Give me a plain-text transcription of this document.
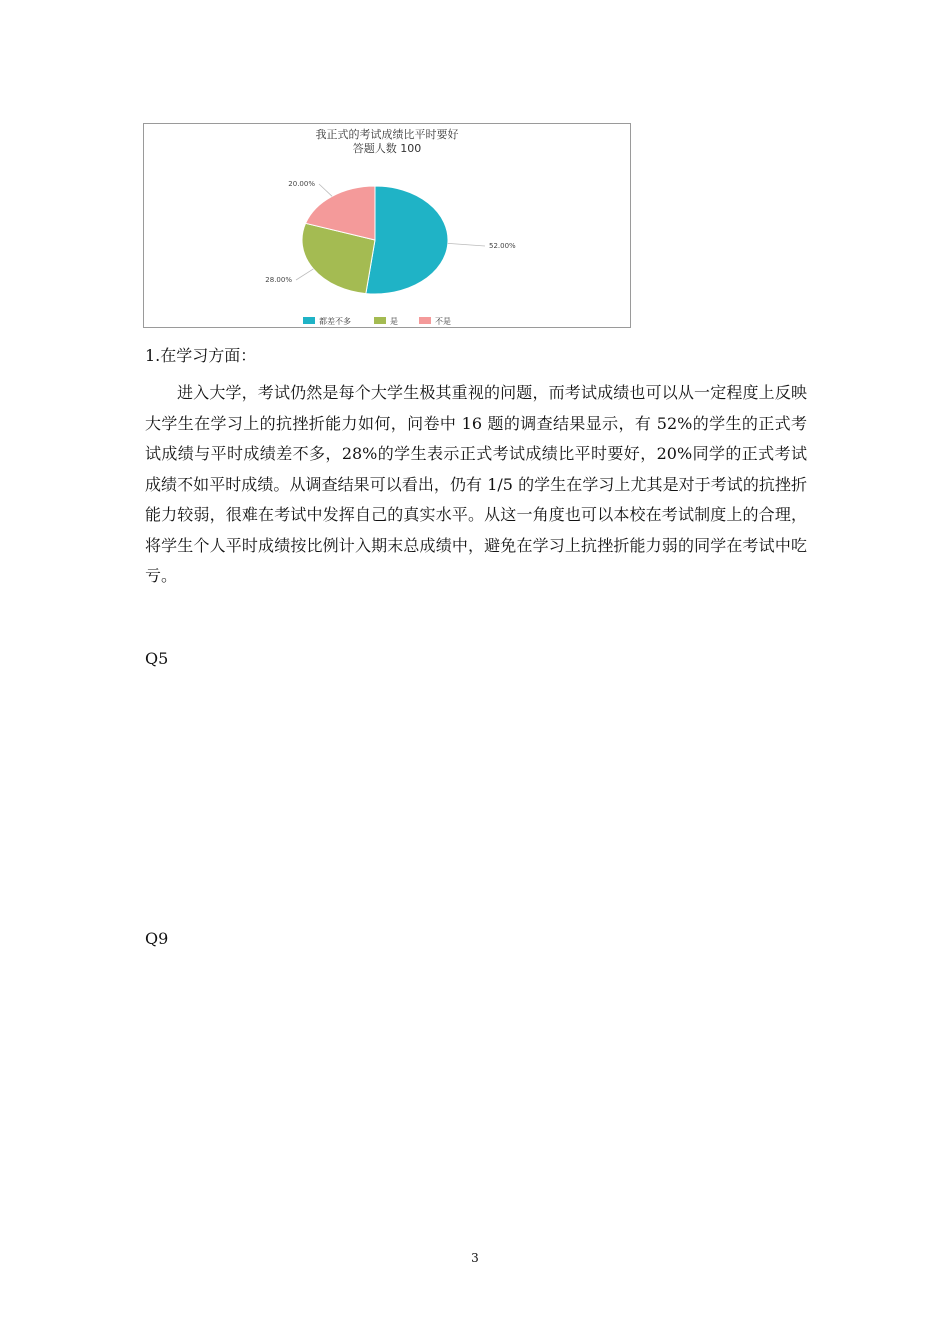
我正式的考试成绩比平时要好
答题人数 100
52.00%
28.00%
20.00%
都差不多	是	不是
1.在学习方面：
进入大学，考试仍然是每个大学生极其重视的问题，而考试成绩也可以从一定程度上反映大学生在学习上的抗挫折能力如何，问卷中 16 题的调查结果显示，有 52%的学生的正式考试成绩与平时成绩差不多，28%的学生表示正式考试成绩比平时要好，20%同学的正式考试成绩不如平时成绩。从调查结果可以看出，仍有 1/5 的学生在学习上尤其是对于考试的抗挫折能力较弱，很难在考试中发挥自己的真实水平。从这一角度也可以本校在考试制度上的合理，将学生个人平时成绩按比例计入期末总成绩中，避免在学习上抗挫折能力弱的同学在考试中吃亏。
Q5
Q9
3
